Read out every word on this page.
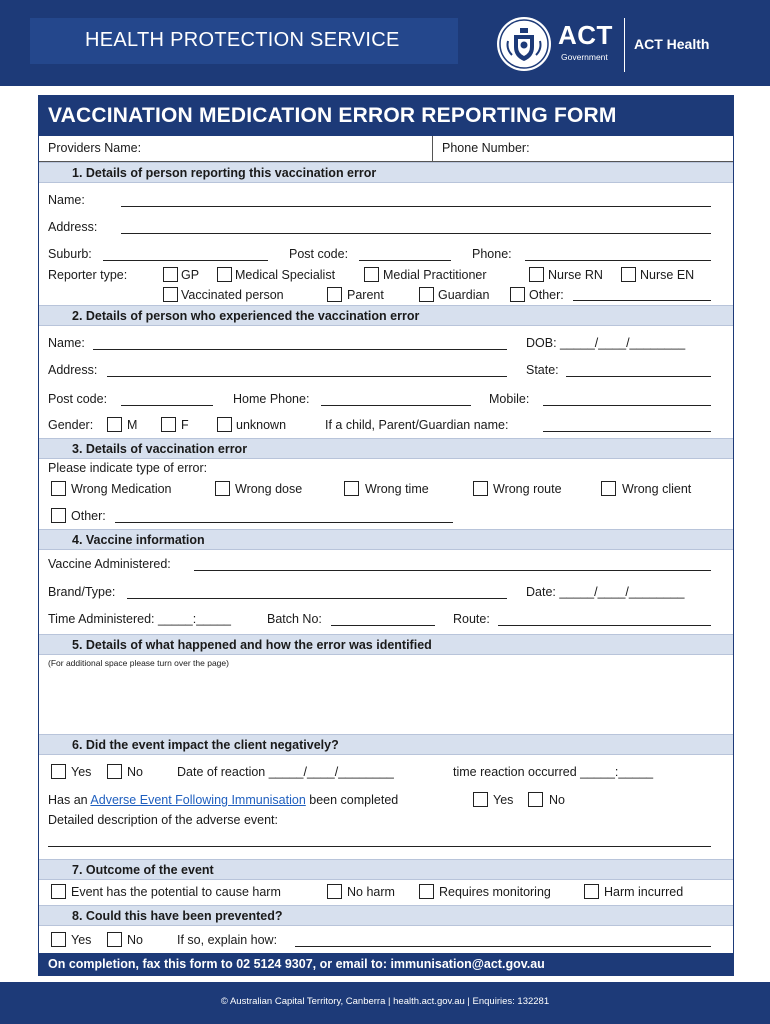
HEALTH PROTECTION SERVICE	ACT
Government
ACT Health
VACCINATION MEDICATION ERROR REPORTING FORM
Providers Name:	Phone Number:
1. Details of person reporting this vaccination error
Name:
Address:
Suburb:	Post code:	Phone:
Reporter type:	GP	Medical Specialist	Medial Practitioner	Nurse RN	Nurse EN
Vaccinated person	Parent	Guardian	Other:
2. Details of person who experienced the vaccination error
Name:	DOB: _____/____/________
Address:	State:
Post code:	Home Phone:	Mobile:
Gender:	M	F	unknown	If a child, Parent/Guardian name:
3. Details of vaccination error
Please indicate type of error:
Wrong Medication	Wrong dose	Wrong time	Wrong route	Wrong client
Other:
4. Vaccine information
Vaccine Administered:
Brand/Type:	Date: _____/____/________
Time Administered: _____:_____	Batch No:	Route:
5. Details of what happened and how the error was identified
(For additional space please turn over the page)
6. Did the event impact the client negatively?
Yes	No	Date of reaction _____/____/________	time reaction occurred _____:_____
Has an Adverse Event Following Immunisation been completed	Yes	No
Detailed description of the adverse event:
7. Outcome of the event
Event has the potential to cause harm	No harm	Requires monitoring	Harm incurred
8. Could this have been prevented?
Yes	No	If so, explain how:
On completion, fax this form to 02 5124 9307, or email to: immunisation@act.gov.au
© Australian Capital Territory, Canberra | health.act.gov.au | Enquiries: 132281
